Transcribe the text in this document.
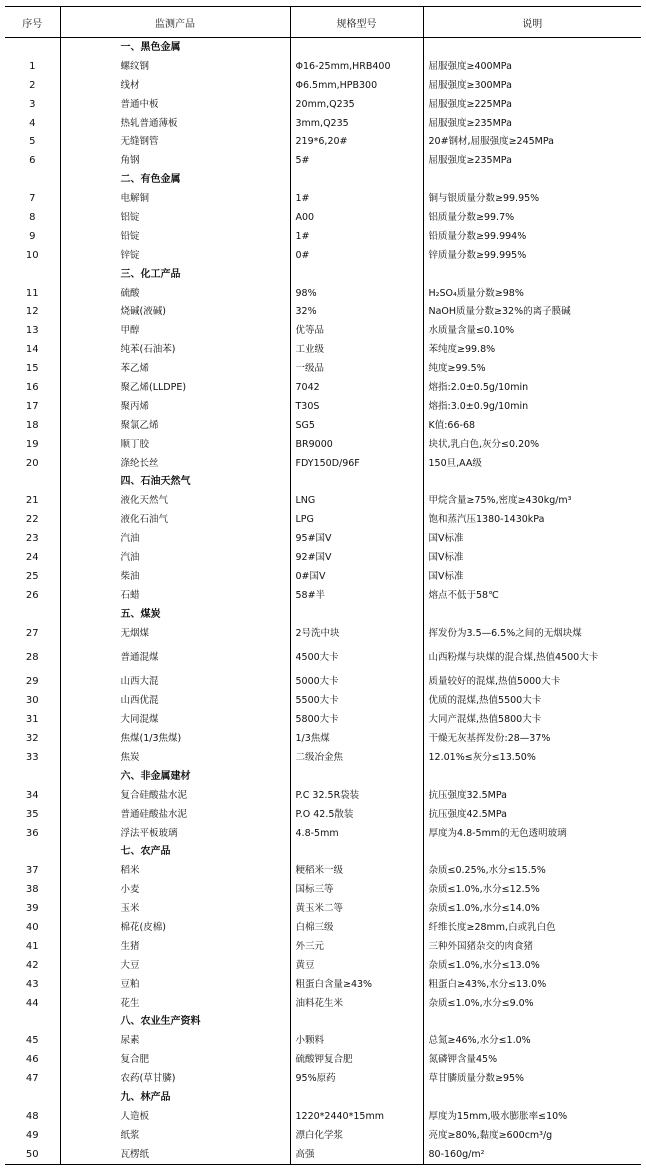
序号	监测产品	规格型号	说明
	一、黑色金属		
1	螺纹钢	Φ16-25mm,HRB400	屈服强度≥400MPa
2	线材	Φ6.5mm,HPB300	屈服强度≥300MPa
3	普通中板	20mm,Q235	屈服强度≥225MPa
4	热轧普通薄板	3mm,Q235	屈服强度≥235MPa
5	无缝钢管	219*6,20#	20#钢材,屈服强度≥245MPa
6	角钢	5#	屈服强度≥235MPa
	二、有色金属		
7	电解铜	1#	铜与银质量分数≥99.95%
8	铝锭	A00	铝质量分数≥99.7%
9	铅锭	1#	铅质量分数≥99.994%
10	锌锭	0#	锌质量分数≥99.995%
	三、化工产品		
11	硫酸	98%	H₂SO₄质量分数≥98%
12	烧碱(液碱)	32%	NaOH质量分数≥32%的离子膜碱
13	甲醇	优等品	水质量含量≤0.10%
14	纯苯(石油苯)	工业级	苯纯度≥99.8%
15	苯乙烯	一级品	纯度≥99.5%
16	聚乙烯(LLDPE)	7042	熔指:2.0±0.5g/10min
17	聚丙烯	T30S	熔指:3.0±0.9g/10min
18	聚氯乙烯	SG5	K值:66-68
19	顺丁胶	BR9000	块状,乳白色,灰分≤0.20%
20	涤纶长丝	FDY150D/96F	150旦,AA级
	四、石油天然气		
21	液化天然气	LNG	甲烷含量≥75%,密度≥430kg/m³
22	液化石油气	LPG	饱和蒸汽压1380-1430kPa
23	汽油	95#国Ⅴ	国Ⅴ标准
24	汽油	92#国Ⅴ	国Ⅴ标准
25	柴油	0#国Ⅴ	国Ⅴ标准
26	石蜡	58#半	熔点不低于58℃
	五、煤炭		
27	无烟煤	2号洗中块	挥发份为3.5—6.5%之间的无烟块煤
28	普通混煤	4500大卡	山西粉煤与块煤的混合煤,热值4500大卡
29	山西大混	5000大卡	质量较好的混煤,热值5000大卡
30	山西优混	5500大卡	优质的混煤,热值5500大卡
31	大同混煤	5800大卡	大同产混煤,热值5800大卡
32	焦煤(1/3焦煤)	1/3焦煤	干燥无灰基挥发份:28—37%
33	焦炭	二级冶金焦	12.01%≤灰分≤13.50%
	六、非金属建材		
34	复合硅酸盐水泥	P.C 32.5R袋装	抗压强度32.5MPa
35	普通硅酸盐水泥	P.O 42.5散装	抗压强度42.5MPa
36	浮法平板玻璃	4.8-5mm	厚度为4.8-5mm的无色透明玻璃
	七、农产品		
37	稻米	粳稻米一级	杂质≤0.25%,水分≤15.5%
38	小麦	国标三等	杂质≤1.0%,水分≤12.5%
39	玉米	黄玉米二等	杂质≤1.0%,水分≤14.0%
40	棉花(皮棉)	白棉三级	纤维长度≥28mm,白或乳白色
41	生猪	外三元	三种外国猪杂交的肉食猪
42	大豆	黄豆	杂质≤1.0%,水分≤13.0%
43	豆粕	粗蛋白含量≥43%	粗蛋白≥43%,水分≤13.0%
44	花生	油料花生米	杂质≤1.0%,水分≤9.0%
	八、农业生产资料		
45	尿素	小颗料	总氮≥46%,水分≤1.0%
46	复合肥	硫酸钾复合肥	氮磷钾含量45%
47	农药(草甘膦)	95%原药	草甘膦质量分数≥95%
	九、林产品		
48	人造板	1220*2440*15mm	厚度为15mm,吸水膨胀率≤10%
49	纸浆	漂白化学浆	亮度≥80%,黏度≥600cm³/g
50	瓦楞纸	高强	80-160g/m²
